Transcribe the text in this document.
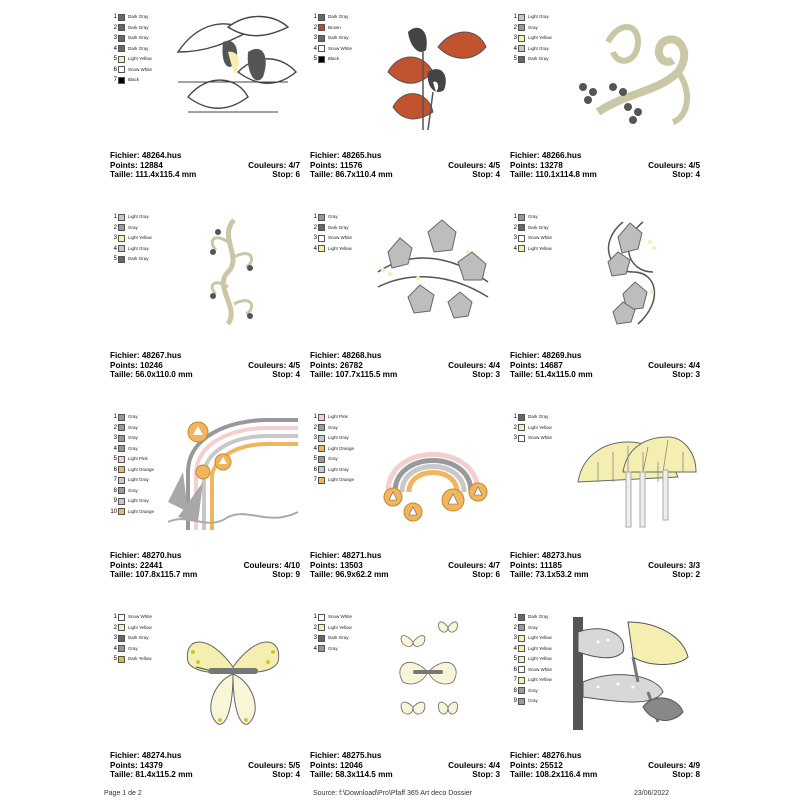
1 Dark Gray
2 Dark Gray
3 Dark Gray
4 Dark Gray
5 Light Yellow
6 Snow White
7 Black
Fichier: 48264.hus
Points: 12884	Couleurs: 4/7
Taille: 111.4x115.4 mm	Stop: 6
1 Dark Gray
2 Brown
3 Dark Gray
4 Snow White
5 Black
Fichier: 48265.hus
Points: 11576	Couleurs: 4/5
Taille: 86.7x110.4 mm	Stop: 4
1 Light Gray
2 Gray
3 Light Yellow
4 Light Gray
5 Dark Gray
Fichier: 48266.hus
Points: 13278	Couleurs: 4/5
Taille: 110.1x114.8 mm	Stop: 4
1 Light Gray
2 Gray
3 Light Yellow
4 Light Gray
5 Dark Gray
Fichier: 48267.hus
Points: 10246	Couleurs: 4/5
Taille: 56.0x110.0 mm	Stop: 4
1 Gray
2 Dark Gray
3 Snow White
4 Light Yellow
Fichier: 48268.hus
Points: 26782	Couleurs: 4/4
Taille: 107.7x115.5 mm	Stop: 3
1 Gray
2 Dark Gray
3 Snow White
4 Light Yellow
Fichier: 48269.hus
Points: 14687	Couleurs: 4/4
Taille: 51.4x115.0 mm	Stop: 3
1 Gray
2 Gray
3 Gray
4 Gray
5 Light Pink
6 Light Orange
7 Light Gray
8 Gray
9 Light Gray
10 Light Orange
Fichier: 48270.hus
Points: 22441	Couleurs: 4/10
Taille: 107.8x115.7 mm	Stop: 9
1 Light Pink
2 Gray
3 Light Gray
4 Light Orange
5 Gray
6 Light Gray
7 Light Orange
Fichier: 48271.hus
Points: 13503	Couleurs: 4/7
Taille: 96.9x62.2 mm	Stop: 6
1 Dark Gray
2 Light Yellow
3 Snow White
Fichier: 48273.hus
Points: 11185	Couleurs: 3/3
Taille: 73.1x53.2 mm	Stop: 2
1 Snow White
2 Light Yellow
3 Dark Gray
4 Gray
5 Dark Yellow
Fichier: 48274.hus
Points: 14379	Couleurs: 5/5
Taille: 81.4x115.2 mm	Stop: 4
1 Snow White
2 Light Yellow
3 Dark Gray
4 Gray
Fichier: 48275.hus
Points: 12046	Couleurs: 4/4
Taille: 58.3x114.5 mm	Stop: 3
1 Dark Gray
2 Gray
3 Light Yellow
4 Light Yellow
5 Light Yellow
6 Snow White
7 Light Yellow
8 Gray
9 Gray
Fichier: 48276.hus
Points: 25512	Couleurs: 4/9
Taille: 108.2x116.4 mm	Stop: 8
Page 1 de 2	Source: f:\Download\Pro\Pfaff 365 Art deco Dossier	23/06/2022
